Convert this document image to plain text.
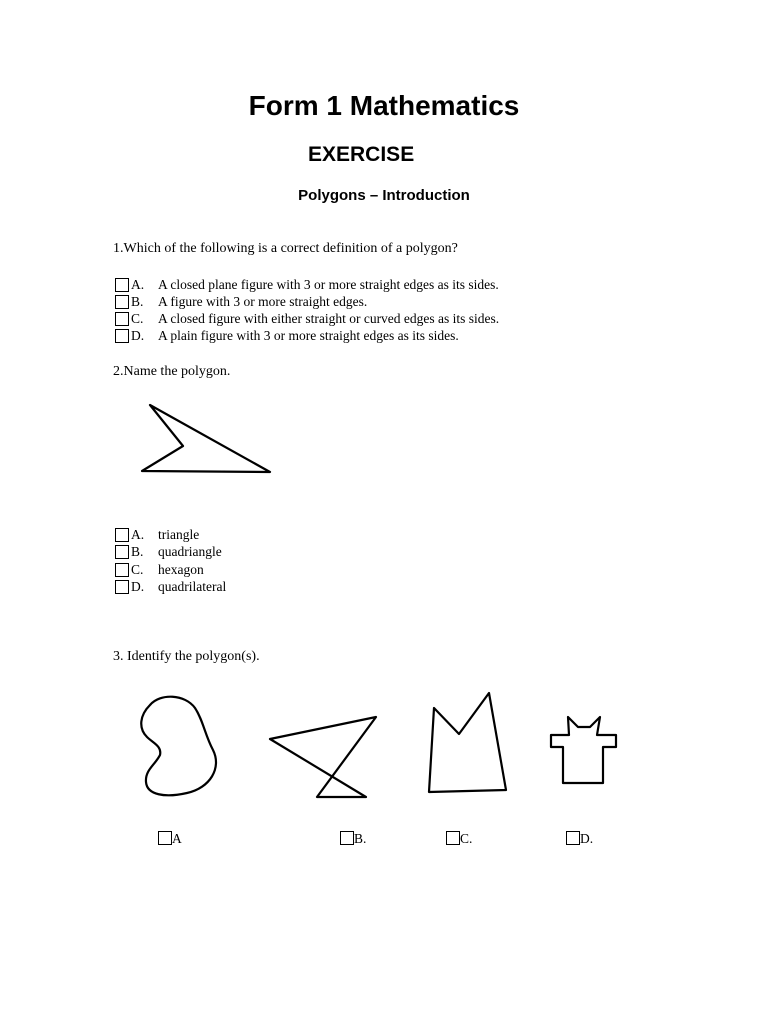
Form 1 Mathematics
EXERCISE
Polygons – Introduction
1.Which of the following is a correct definition of a polygon?
A. A closed plane figure with 3 or more straight edges as its sides.
B. A figure with 3 or more straight edges.
C. A closed figure with either straight or curved edges as its sides.
D. A plain figure with 3 or more straight edges as its sides.
2.Name the polygon.
A. triangle
B. quadriangle
C. hexagon
D. quadrilateral
3. Identify the polygon(s).
A	B.	C.	D.
